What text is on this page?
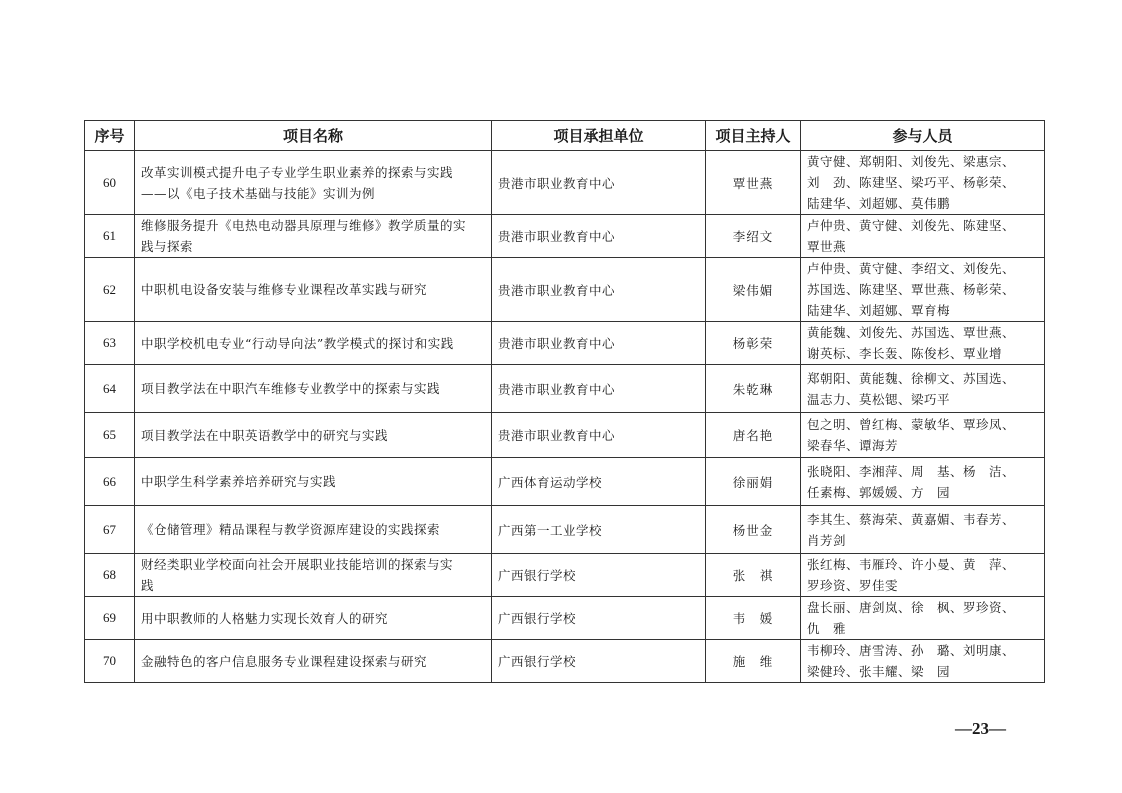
序号	项目名称	项目承担单位	项目主持人	参与人员
60	改革实训模式提升电子专业学生职业素养的探索与实践
——以《电子技术基础与技能》实训为例	贵港市职业教育中心	覃世燕	黄守健、郑朝阳、刘俊先、梁惠宗、
刘　劲、陈建坚、梁巧平、杨彰荣、
陆建华、刘超娜、莫伟鹏

61	维修服务提升《电热电动器具原理与维修》教学质量的实
践与探索	贵港市职业教育中心	李绍文	卢仲贵、黄守健、刘俊先、陈建坚、
覃世燕

62	中职机电设备安装与维修专业课程改革实践与研究	贵港市职业教育中心	梁伟媚	卢仲贵、黄守健、李绍文、刘俊先、
苏国选、陈建坚、覃世燕、杨彰荣、
陆建华、刘超娜、覃育梅

63	中职学校机电专业“行动导向法”教学模式的探讨和实践	贵港市职业教育中心	杨彰荣	黄能魏、刘俊先、苏国选、覃世燕、
谢英标、李长轰、陈俊杉、覃业增

64	项目教学法在中职汽车维修专业教学中的探索与实践	贵港市职业教育中心	朱乾琳	郑朝阳、黄能魏、徐柳文、苏国选、
温志力、莫松锶、梁巧平

65	项目教学法在中职英语教学中的研究与实践	贵港市职业教育中心	唐名艳	包之明、曾红梅、蒙敏华、覃珍凤、
梁春华、谭海芳

66	中职学生科学素养培养研究与实践	广西体育运动学校	徐丽娟	张晓阳、李湘萍、周　基、杨　洁、
任素梅、郭媛媛、方　园

67	《仓储管理》精品课程与教学资源库建设的实践探索	广西第一工业学校	杨世金	李其生、蔡海荣、黄嘉媚、韦春芳、
肖芳剑

68	财经类职业学校面向社会开展职业技能培训的探索与实
践	广西银行学校	张　祺	张红梅、韦雁玲、许小曼、黄　萍、
罗珍资、罗佳雯

69	用中职教师的人格魅力实现长效育人的研究	广西银行学校	韦　媛	盘长丽、唐剑岚、徐　枫、罗珍资、
仇　雅

70	金融特色的客户信息服务专业课程建设探索与研究	广西银行学校	施　维	韦柳玲、唐雪涛、孙　璐、刘明康、
梁健玲、张丰耀、梁　园
—23—
